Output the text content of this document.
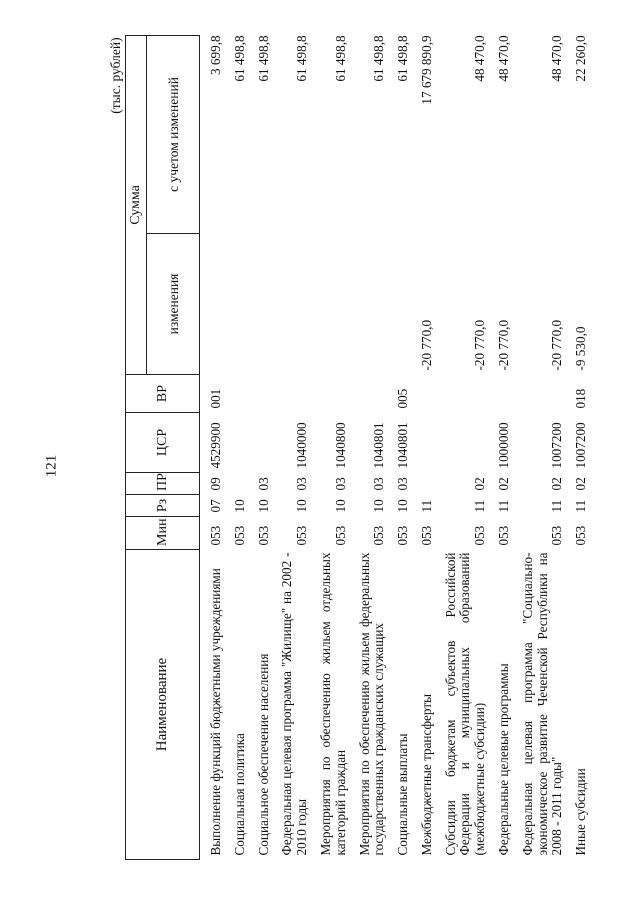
121
(тыс. рублей)							
Наименование	Мин	Рз	ПР	ЦСР	ВР	Сумма	
						изменения	с учетом изменений
Выполнение функций бюджетными учреждениями	053	07	09	4529900	001		3 699,8
Социальная политика	053	10					61 498,8
Социальное обеспечение населения	053	10	03				61 498,8
Федеральная целевая программа "Жилище" на 2002 - 2010 годы	053	10	03	1040000			61 498,8
Мероприятия по обеспечению жильем отдельных категорий граждан	053	10	03	1040800			61 498,8
Мероприятия по обеспечению жильем федеральных государственных гражданских служащих	053	10	03	1040801			61 498,8
Социальные выплаты	053	10	03	1040801	005		61 498,8
Межбюджетные трансферты	053	11				-20 770,0	17 679 890,9
Субсидии бюджетам субъектов Российской Федерации и муниципальных образований (межбюджетные субсидии)	053	11	02			-20 770,0	48 470,0
Федеральные целевые программы	053	11	02	1000000		-20 770,0	48 470,0
Федеральная целевая программа "Социально-экономическое развитие Чеченской Республики на 2008 - 2011 годы"	053	11	02	1007200		-20 770,0	48 470,0
Иные субсидии	053	11	02	1007200	018	-9 530,0	22 260,0
